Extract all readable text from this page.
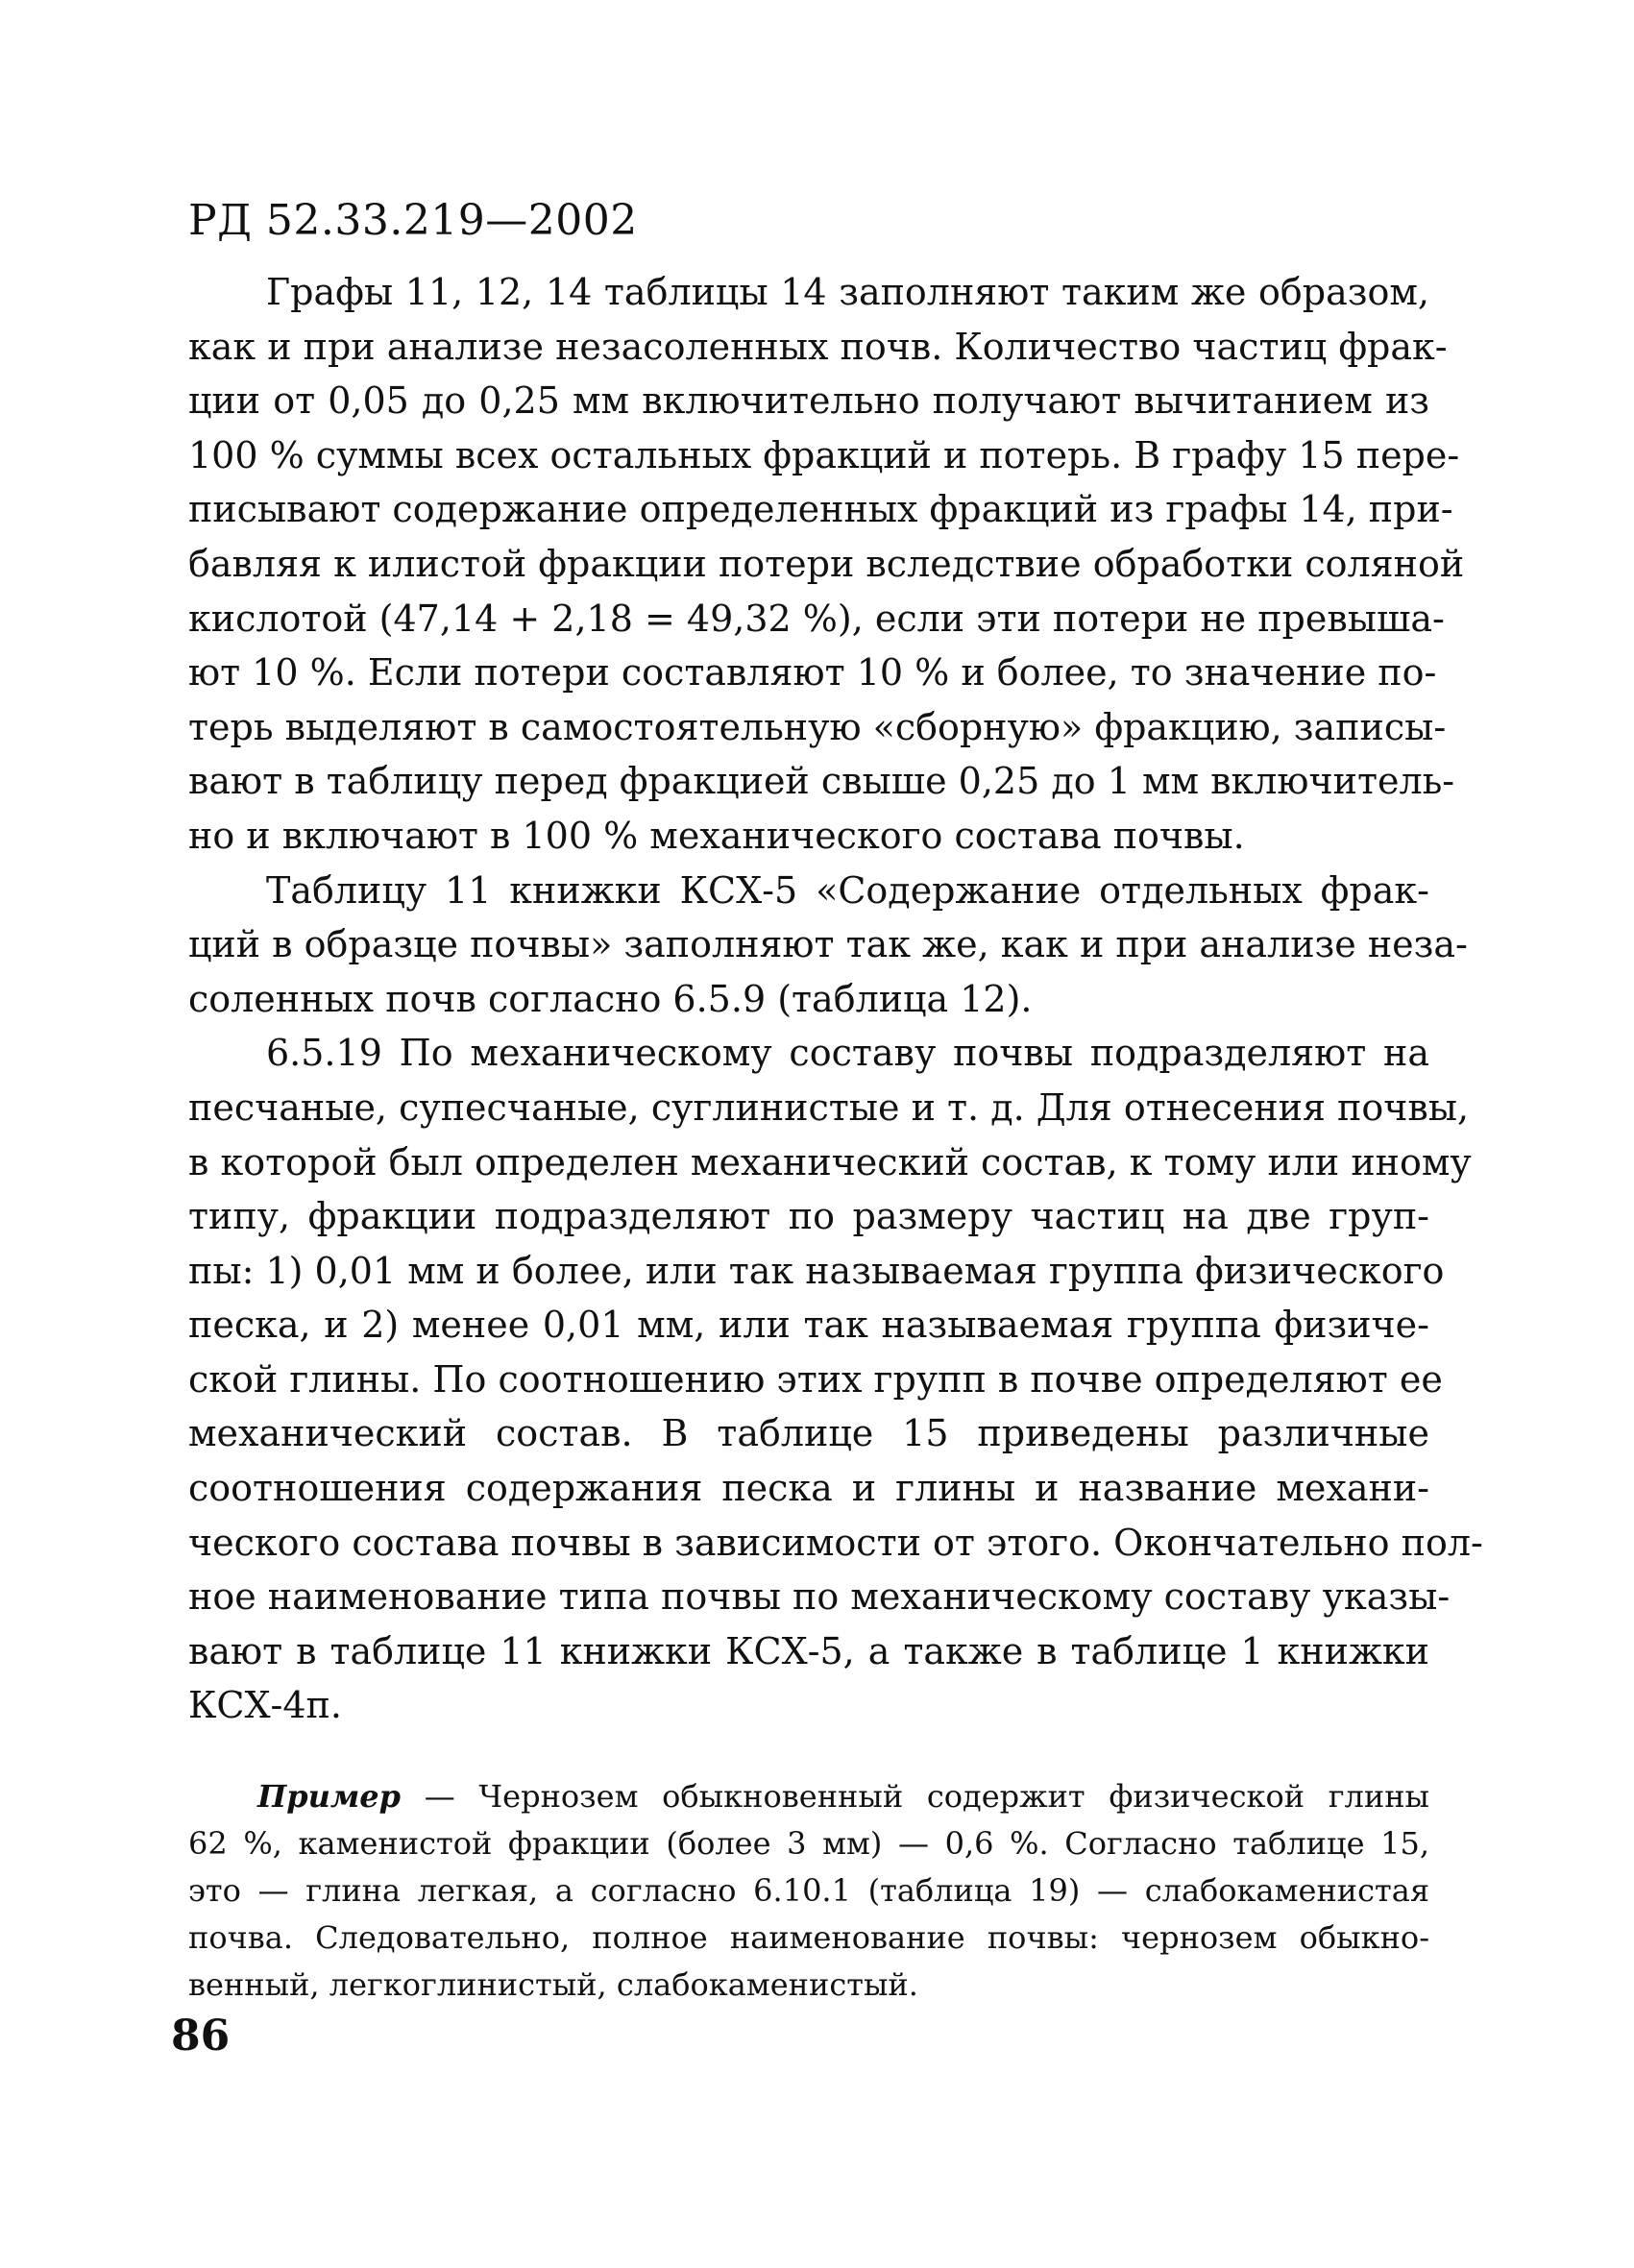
РД 52.33.219—2002
Графы 11, 12, 14 таблицы 14 заполняют таким же образом,
как и при анализе незасоленных почв. Количество частиц фрак-
ции от 0,05 до 0,25 мм включительно получают вычитанием из
100 % суммы всех остальных фракций и потерь. В графу 15 пере-
писывают содержание определенных фракций из графы 14, при-
бавляя к илистой фракции потери вследствие обработки соляной
кислотой (47,14 + 2,18 = 49,32 %), если эти потери не превыша-
ют 10 %. Если потери составляют 10 % и более, то значение по-
терь выделяют в самостоятельную «сборную» фракцию, записы-
вают в таблицу перед фракцией свыше 0,25 до 1 мм включитель-
но и включают в 100 % механического состава почвы.
Таблицу 11 книжки КСХ-5 «Содержание отдельных фрак-
ций в образце почвы» заполняют так же, как и при анализе неза-
соленных почв согласно 6.5.9 (таблица 12).
6.5.19 По механическому составу почвы подразделяют на
песчаные, супесчаные, суглинистые и т. д. Для отнесения почвы,
в которой был определен механический состав, к тому или иному
типу, фракции подразделяют по размеру частиц на две груп-
пы: 1) 0,01 мм и более, или так называемая группа физического
песка, и 2) менее 0,01 мм, или так называемая группа физиче-
ской глины. По соотношению этих групп в почве определяют ее
механический состав. В таблице 15 приведены различные
соотношения содержания песка и глины и название механи-
ческого состава почвы в зависимости от этого. Окончательно пол-
ное наименование типа почвы по механическому составу указы-
вают в таблице 11 книжки КСХ-5, а также в таблице 1 книжки
КСХ-4п.
Пример — Чернозем обыкновенный содержит физической глины
62 %, каменистой фракции (более 3 мм) — 0,6 %. Согласно таблице 15,
это — глина легкая, а согласно 6.10.1 (таблица 19) — слабокаменистая
почва. Следовательно, полное наименование почвы: чернозем обыкно-
венный, легкоглинистый, слабокаменистый.
86
